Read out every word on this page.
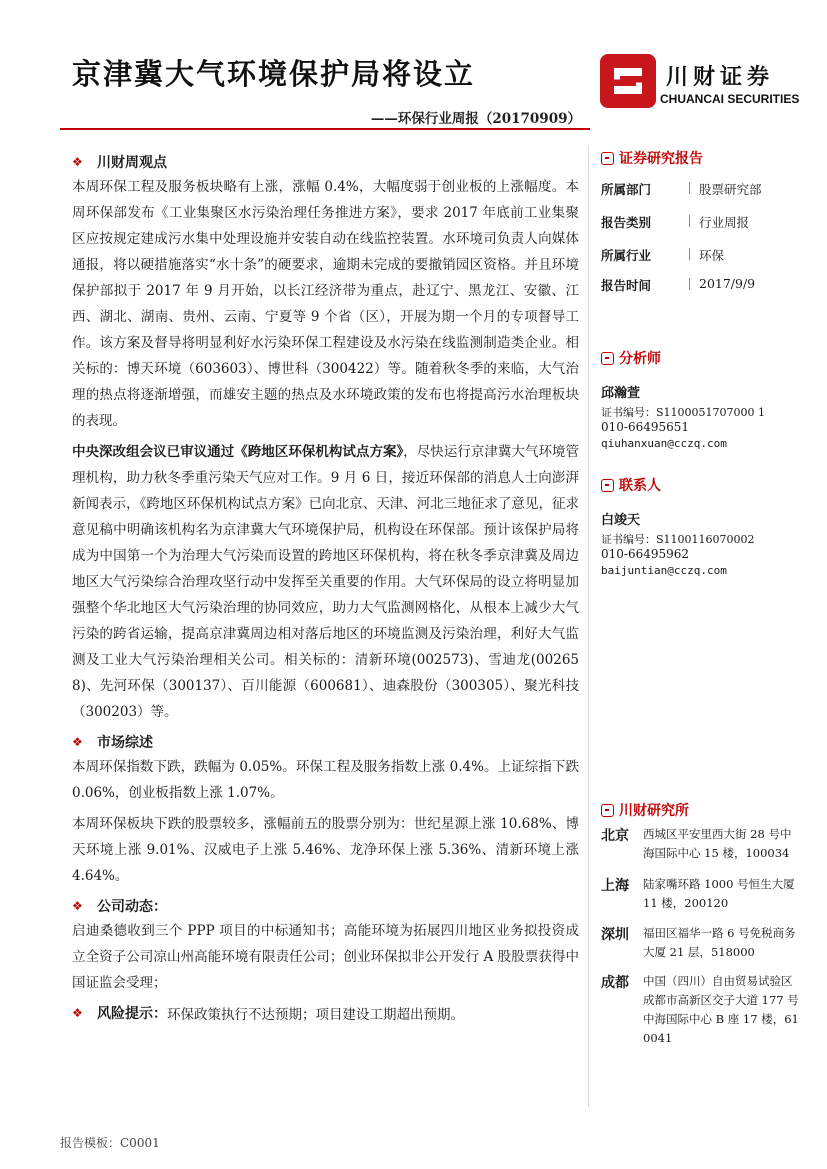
京津冀大气环境保护局将设立
——环保行业周报（20170909）
川财证券
CHUANCAI SECURITIES
❖	川财周观点

本周环保工程及服务板块略有上涨，涨幅 0.4%，大幅度弱于创业板的上涨幅度。本周环保部发布《工业集聚区水污染治理任务推进方案》，要求 2017 年底前工业集聚区应按规定建成污水集中处理设施并安装自动在线监控装置。水环境司负责人向媒体通报，将以硬措施落实“水十条”的硬要求，逾期未完成的要撤销园区资格。并且环境保护部拟于 2017 年 9 月开始，以长江经济带为重点，赴辽宁、黑龙江、安徽、江西、湖北、湖南、贵州、云南、宁夏等 9 个省（区），开展为期一个月的专项督导工作。该方案及督导将明显利好水污染环保工程建设及水污染在线监测制造类企业。相关标的：博天环境（603603）、博世科（300422）等。随着秋冬季的来临，大气治理的热点将逐渐增强，而雄安主题的热点及水环境政策的发布也将提高污水治理板块的表现。

中央深改组会议已审议通过《跨地区环保机构试点方案》，尽快运行京津冀大气环境管理机构，助力秋冬季重污染天气应对工作。9 月 6 日，接近环保部的消息人士向澎湃新闻表示，《跨地区环保机构试点方案》已向北京、天津、河北三地征求了意见，征求意见稿中明确该机构名为京津冀大气环境保护局，机构设在环保部。预计该保护局将成为中国第一个为治理大气污染而设置的跨地区环保机构，将在秋冬季京津冀及周边地区大气污染综合治理攻坚行动中发挥至关重要的作用。大气环保局的设立将明显加强整个华北地区大气污染治理的协同效应，助力大气监测网格化，从根本上减少大气污染的跨省运输，提高京津冀周边相对落后地区的环境监测及污染治理，利好大气监测及工业大气污染治理相关公司。相关标的：清新环境(002573)、雪迪龙(002658)、先河环保（300137）、百川能源（600681）、迪森股份（300305）、聚光科技（300203）等。

❖	市场综述

本周环保指数下跌，跌幅为 0.05%。环保工程及服务指数上涨 0.4%。上证综指下跌 0.06%，创业板指数上涨 1.07%。

本周环保板块下跌的股票较多，涨幅前五的股票分别为：世纪星源上涨 10.68%、博天环境上涨 9.01%、汉威电子上涨 5.46%、龙净环保上涨 5.36%、清新环境上涨 4.64%。

❖	公司动态：

启迪桑德收到三个 PPP 项目的中标通知书；高能环境为拓展四川地区业务拟投资成立全资子公司凉山州高能环境有限责任公司；创业环保拟非公开发行 A 股股票获得中国证监会受理；

❖	风险提示： 环保政策执行不达预期；项目建设工期超出预期。
证券研究报告
所属部门	股票研究部
报告类别	行业周报
所属行业	环保
报告时间	2017/9/9
分析师
邱瀚萱
证书编号：S1100051707000 1
010-66495651
qiuhanxuan@cczq.com
联系人
白竣天
证书编号：S1100116070002
010-66495962
baijuntian@cczq.com
川财研究所
北京 西城区平安里西大街 28 号中海国际中心 15 楼，100034
上海 陆家嘴环路 1000 号恒生大厦 11 楼，200120
深圳 福田区福华一路 6 号免税商务大厦 21 层，518000
成都 中国（四川）自由贸易试验区成都市高新区交子大道 177 号中海国际中心 B 座 17 楼，610041
报告模板：C0001
